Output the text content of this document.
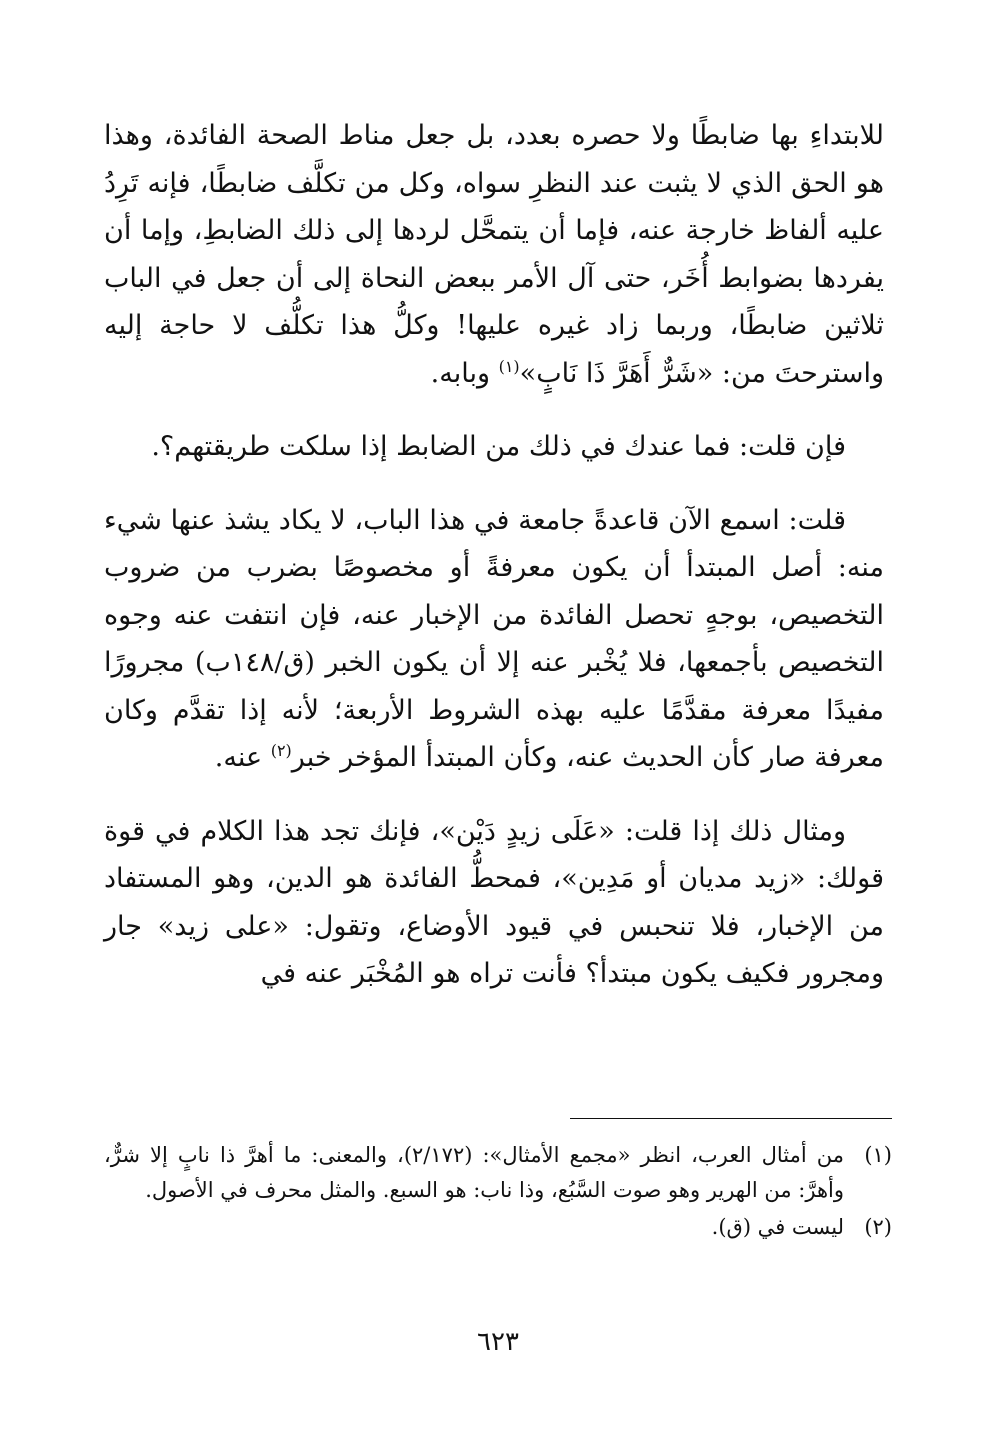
للابتداءِ بها ضابطًا ولا حصره بعدد، بل جعل مناط الصحة الفائدة، وهذا هو الحق الذي لا يثبت عند النظرِ سواه، وكل من تكلَّف ضابطًا، فإنه تَرِدُ عليه ألفاظ خارجة عنه، فإما أن يتمحَّل لردها إلى ذلك الضابطِ، وإما أن يفردها بضوابط أُخَر، حتى آل الأمر ببعض النحاة إلى أن جعل في الباب ثلاثين ضابطًا، وربما زاد غيره عليها! وكلُّ هذا تكلُّف لا حاجة إليه واسترحتَ من: «شَرٌّ أَهَرَّ ذَا نَابٍ»$^{(١)}$ وبابه.

فإن قلت: فما عندك في ذلك من الضابط إذا سلكت طريقتهم؟.

قلت: اسمع الآن قاعدةً جامعة في هذا الباب، لا يكاد يشذ عنها شيء منه: أصل المبتدأ أن يكون معرفةً أو مخصوصًا بضرب من ضروب التخصيص، بوجهٍ تحصل الفائدة من الإخبار عنه، فإن انتفت عنه وجوه التخصيص بأجمعها، فلا يُخْبر عنه إلا أن يكون الخبر (ق/١٤٨ب) مجرورًا مفيدًا معرفة مقدَّمًا عليه بهذه الشروط الأربعة؛ لأنه إذا تقدَّم وكان معرفة صار كأن الحديث عنه، وكأن المبتدأ المؤخر خبر$^{(٢)}$ عنه.

ومثال ذلك إذا قلت: «عَلَى زيدٍ دَيْن»، فإنك تجد هذا الكلام في قوة قولك: «زيد مديان أو مَدِين»، فمحطُّ الفائدة هو الدين، وهو المستفاد من الإخبار، فلا تنحبس في قيود الأوضاع، وتقول: «على زيد» جار ومجرور فكيف يكون مبتدأ؟ فأنت تراه هو المُخْبَر عنه في

(١)
من أمثال العرب، انظر «مجمع الأمثال»: (٢/١٧٢)، والمعنى: ما أهرَّ ذا نابٍ إلا شرٌّ، وأهرَّ: من الهرير وهو صوت السَّبُع، وذا ناب: هو السبع. والمثل محرف في الأصول.
(٢)
ليست في (ق).
٦٢٣
